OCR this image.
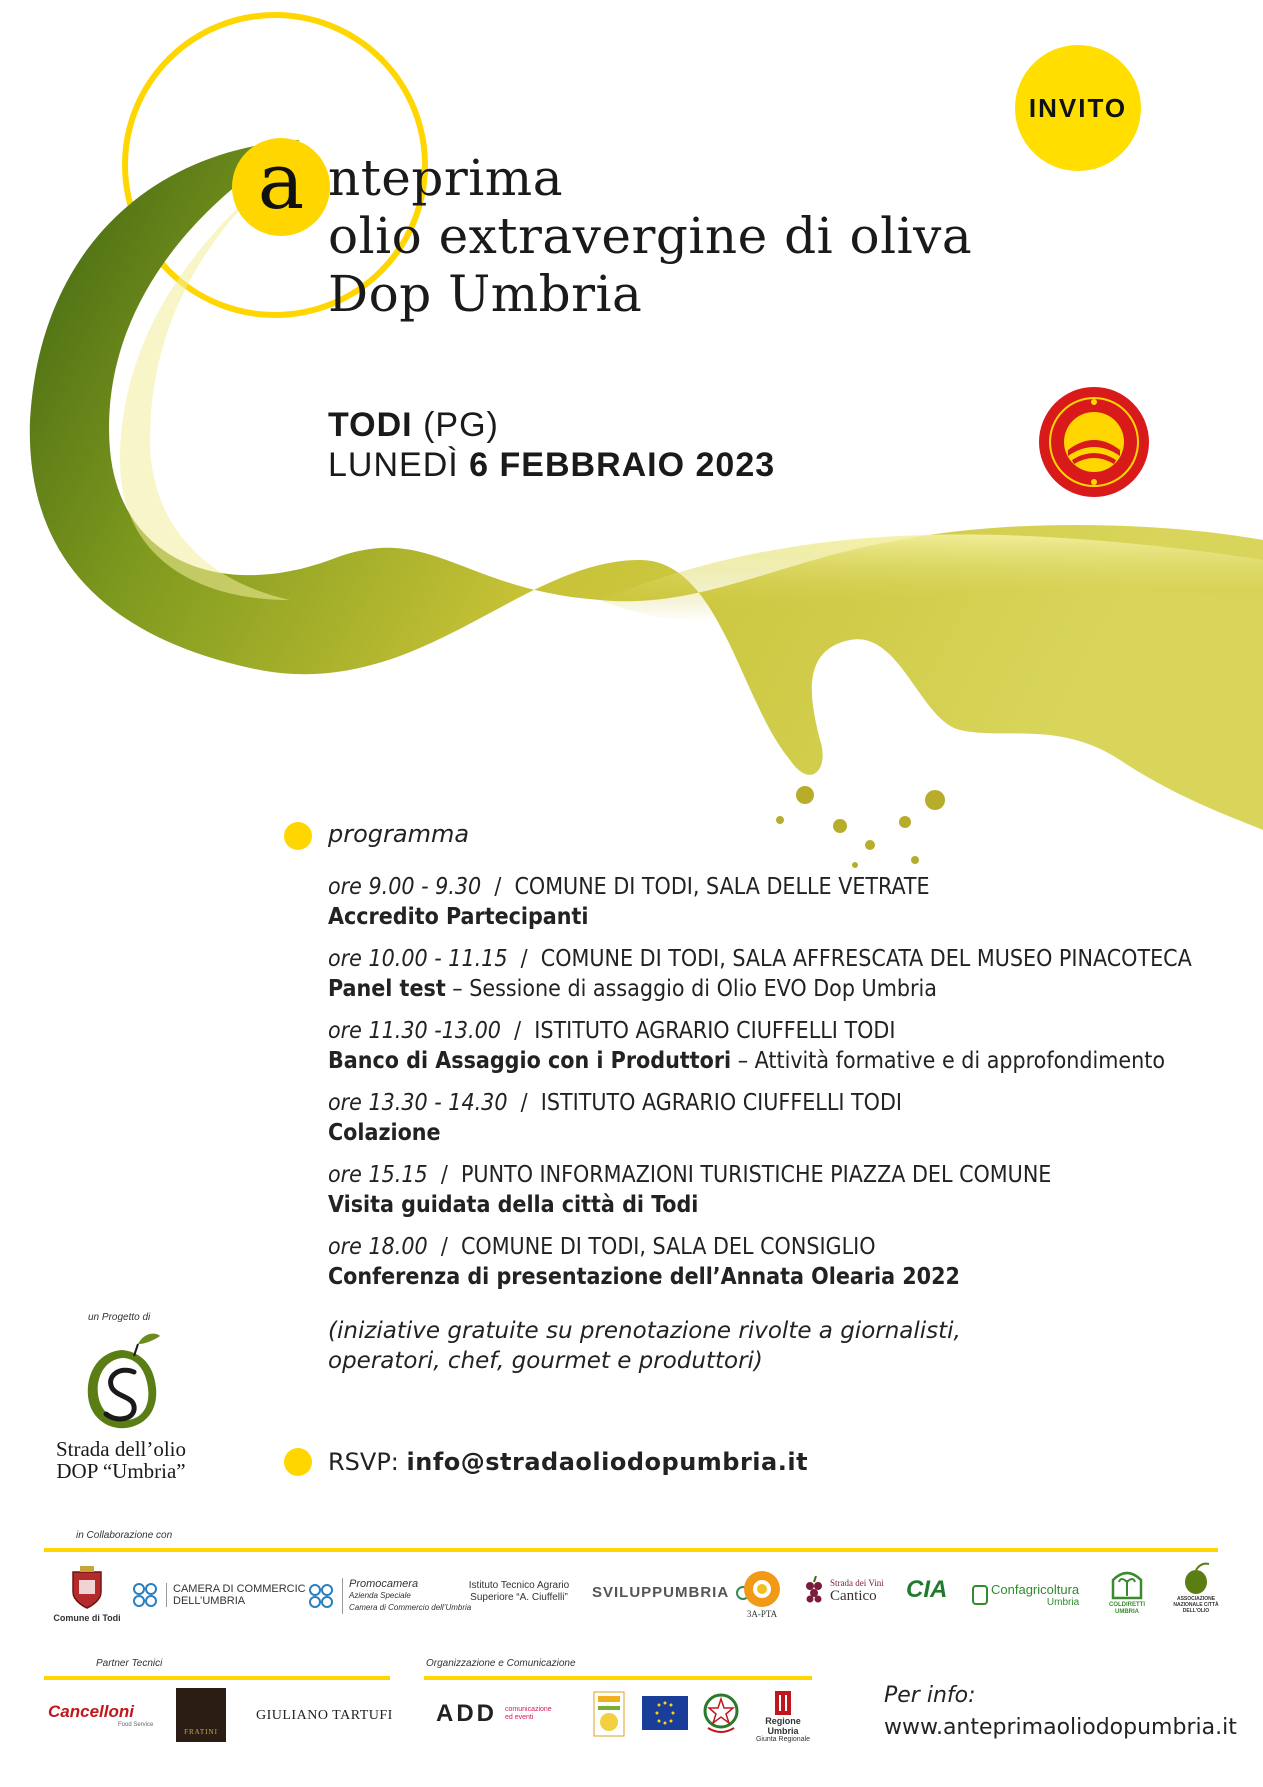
INVITO
a nteprima
olio extravergine di oliva
Dop Umbria
TODI (PG)
LUNEDÌ 6 FEBBRAIO 2023
programma
ore 9.00 - 9.30 / COMUNE DI TODI, SALA DELLE VETRATE
Accredito Partecipanti
ore 10.00 - 11.15 / COMUNE DI TODI, SALA AFFRESCATA DEL MUSEO PINACOTECA
Panel test – Sessione di assaggio di Olio EVO Dop Umbria
ore 11.30 -13.00 / ISTITUTO AGRARIO CIUFFELLI TODI
Banco di Assaggio con i Produttori – Attività formative e di approfondimento
ore 13.30 - 14.30 / ISTITUTO AGRARIO CIUFFELLI TODI
Colazione
ore 15.15 / PUNTO INFORMAZIONI TURISTICHE PIAZZA DEL COMUNE
Visita guidata della città di Todi
ore 18.00 / COMUNE DI TODI, SALA DEL CONSIGLIO
Conferenza di presentazione dell’Annata Olearia 2022
(iniziative gratuite su prenotazione rivolte a giornalisti,
operatori, chef, gourmet e produttori)
RSVP: info@stradaoliodopumbria.it
un Progetto di
Strada dell’olio
DOP “Umbria”
in Collaborazione con
Comune di Todi
CAMERA DI COMMERCIC
DELL’UMBRIA
Promocamera
Azienda Speciale
Camera di Commercio dell’Umbria
Istituto Tecnico Agrario
Superiore “A. Ciuffelli” SVILUPPUMBRIA
3A-PTA
Strada dei Vini
Cantico CIA	Confagricoltura
Umbria	COLDIRETTI UMBRIA
ASSOCIAZIONE NAZIONALE CITTÀ DELL’OLIO
Partner Tecnici
Cancelloni
Food Service
FRATINI
GIULIANO TARTUFI
Organizzazione e Comunicazione
ADD comunicazione
ed eventi	Regione Umbria
Giunta Regionale
Per info:
www.anteprimaoliodopumbria.it
